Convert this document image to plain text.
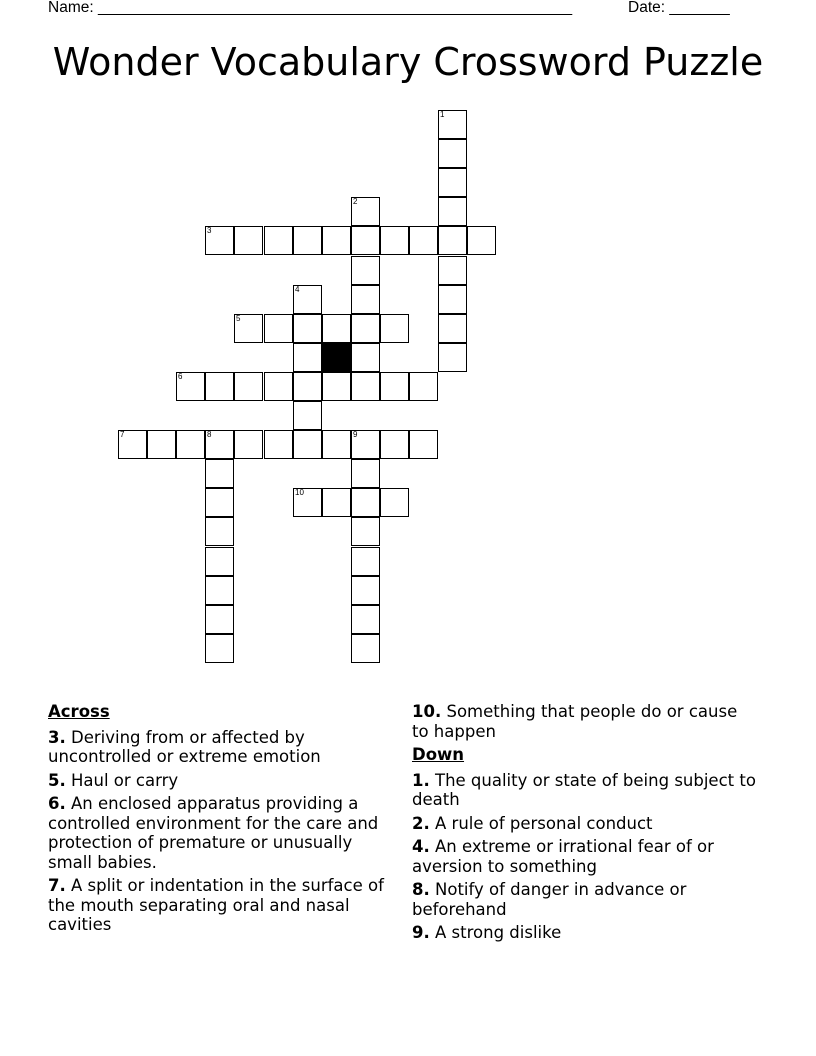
Name: _______________________________________________________	Date: _______
Wonder Vocabulary Crossword Puzzle
1
2
3
4
5
6
7	8	9
10
Across
3. Deriving from or affected by uncontrolled or extreme emotion
5. Haul or carry
6. An enclosed apparatus providing a controlled environment for the care and protection of premature or unusually small babies.
7. A split or indentation in the surface of the mouth separating oral and nasal cavities
10. Something that people do or cause to happen
Down
1. The quality or state of being subject to death
2. A rule of personal conduct
4. An extreme or irrational fear of or aversion to something
8. Notify of danger in advance or beforehand
9. A strong dislike
